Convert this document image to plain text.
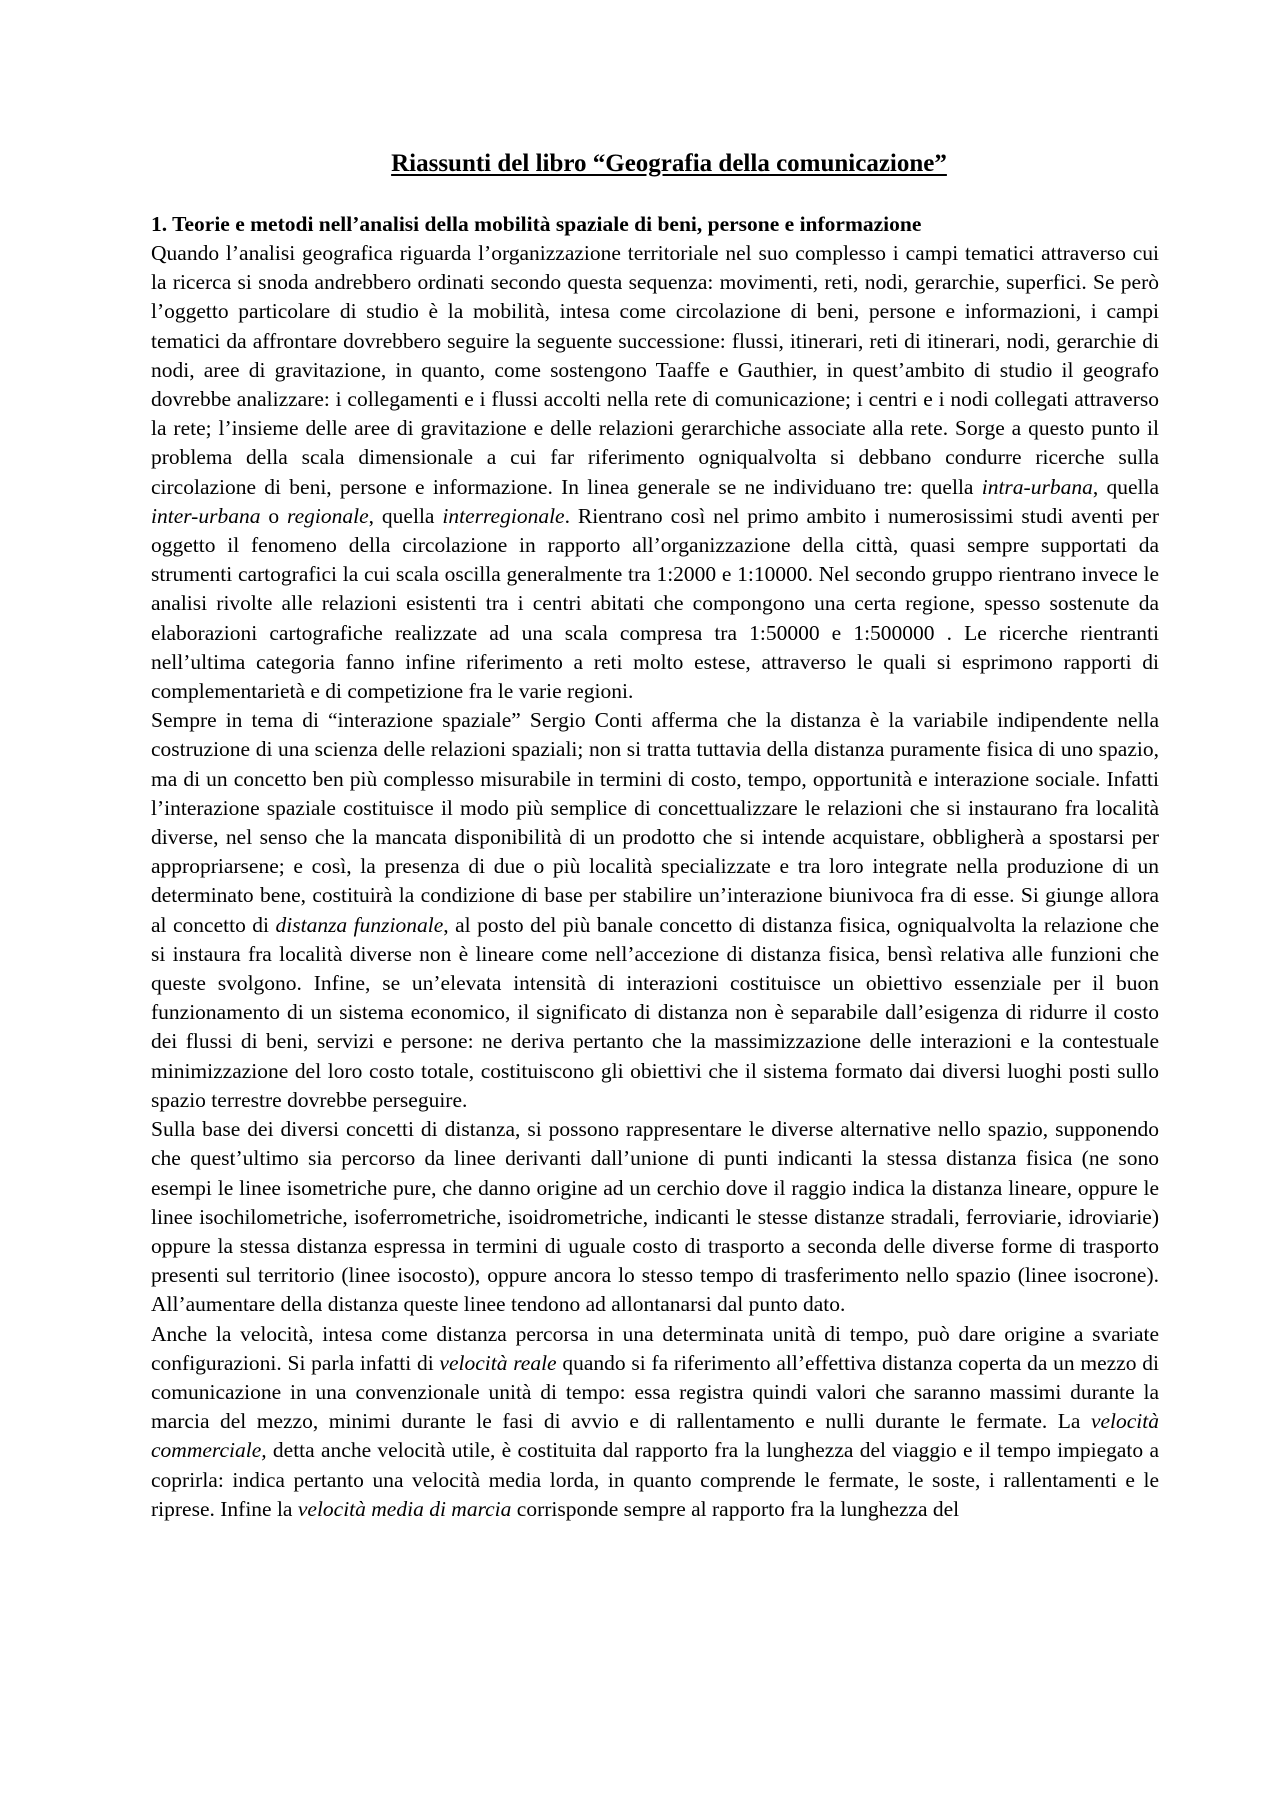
Riassunti del libro “Geografia della comunicazione”
1. Teorie e metodi nell’analisi della mobilità spaziale di beni, persone e informazione

Quando l’analisi geografica riguarda l’organizzazione territoriale nel suo complesso i campi tematici attraverso cui la ricerca si snoda andrebbero ordinati secondo questa sequenza: movimenti, reti, nodi, gerarchie, superfici. Se però l’oggetto particolare di studio è la mobilità, intesa come circolazione di beni, persone e informazioni, i campi tematici da affrontare dovrebbero seguire la seguente successione: flussi, itinerari, reti di itinerari, nodi, gerarchie di nodi, aree di gravitazione, in quanto, come sostengono Taaffe e Gauthier, in quest’ambito di studio il geografo dovrebbe analizzare: i collegamenti e i flussi accolti nella rete di comunicazione; i centri e i nodi collegati attraverso la rete; l’insieme delle aree di gravitazione e delle relazioni gerarchiche associate alla rete. Sorge a questo punto il problema della scala dimensionale a cui far riferimento ogniqualvolta si debbano condurre ricerche sulla circolazione di beni, persone e informazione. In linea generale se ne individuano tre: quella intra-urbana, quella inter-urbana o regionale, quella interregionale. Rientrano così nel primo ambito i numerosissimi studi aventi per oggetto il fenomeno della circolazione in rapporto all’organizzazione della città, quasi sempre supportati da strumenti cartografici la cui scala oscilla generalmente tra 1:2000 e 1:10000. Nel secondo gruppo rientrano invece le analisi rivolte alle relazioni esistenti tra i centri abitati che compongono una certa regione, spesso sostenute da elaborazioni cartografiche realizzate ad una scala compresa tra 1:50000 e 1:500000 . Le ricerche rientranti nell’ultima categoria fanno infine riferimento a reti molto estese, attraverso le quali si esprimono rapporti di complementarietà e di competizione fra le varie regioni.

Sempre in tema di “interazione spaziale” Sergio Conti afferma che la distanza è la variabile indipendente nella costruzione di una scienza delle relazioni spaziali; non si tratta tuttavia della distanza puramente fisica di uno spazio, ma di un concetto ben più complesso misurabile in termini di costo, tempo, opportunità e interazione sociale. Infatti l’interazione spaziale costituisce il modo più semplice di concettualizzare le relazioni che si instaurano fra località diverse, nel senso che la mancata disponibilità di un prodotto che si intende acquistare, obbligherà a spostarsi per appropriarsene; e così, la presenza di due o più località specializzate e tra loro integrate nella produzione di un determinato bene, costituirà la condizione di base per stabilire un’interazione biunivoca fra di esse. Si giunge allora al concetto di distanza funzionale, al posto del più banale concetto di distanza fisica, ogniqualvolta la relazione che si instaura fra località diverse non è lineare come nell’accezione di distanza fisica, bensì relativa alle funzioni che queste svolgono. Infine, se un’elevata intensità di interazioni costituisce un obiettivo essenziale per il buon funzionamento di un sistema economico, il significato di distanza non è separabile dall’esigenza di ridurre il costo dei flussi di beni, servizi e persone: ne deriva pertanto che la massimizzazione delle interazioni e la contestuale minimizzazione del loro costo totale, costituiscono gli obiettivi che il sistema formato dai diversi luoghi posti sullo spazio terrestre dovrebbe perseguire.

Sulla base dei diversi concetti di distanza, si possono rappresentare le diverse alternative nello spazio, supponendo che quest’ultimo sia percorso da linee derivanti dall’unione di punti indicanti la stessa distanza fisica (ne sono esempi le linee isometriche pure, che danno origine ad un cerchio dove il raggio indica la distanza lineare, oppure le linee isochilometriche, isoferrometriche, isoidrometriche, indicanti le stesse distanze stradali, ferroviarie, idroviarie) oppure la stessa distanza espressa in termini di uguale costo di trasporto a seconda delle diverse forme di trasporto presenti sul territorio (linee isocosto), oppure ancora lo stesso tempo di trasferimento nello spazio (linee isocrone). All’aumentare della distanza queste linee tendono ad allontanarsi dal punto dato.

Anche la velocità, intesa come distanza percorsa in una determinata unità di tempo, può dare origine a svariate configurazioni. Si parla infatti di velocità reale quando si fa riferimento all’effettiva distanza coperta da un mezzo di comunicazione in una convenzionale unità di tempo: essa registra quindi valori che saranno massimi durante la marcia del mezzo, minimi durante le fasi di avvio e di rallentamento e nulli durante le fermate. La velocità commerciale, detta anche velocità utile, è costituita dal rapporto fra la lunghezza del viaggio e il tempo impiegato a coprirla: indica pertanto una velocità media lorda, in quanto comprende le fermate, le soste, i rallentamenti e le riprese. Infine la velocità media di marcia corrisponde sempre al rapporto fra la lunghezza del
